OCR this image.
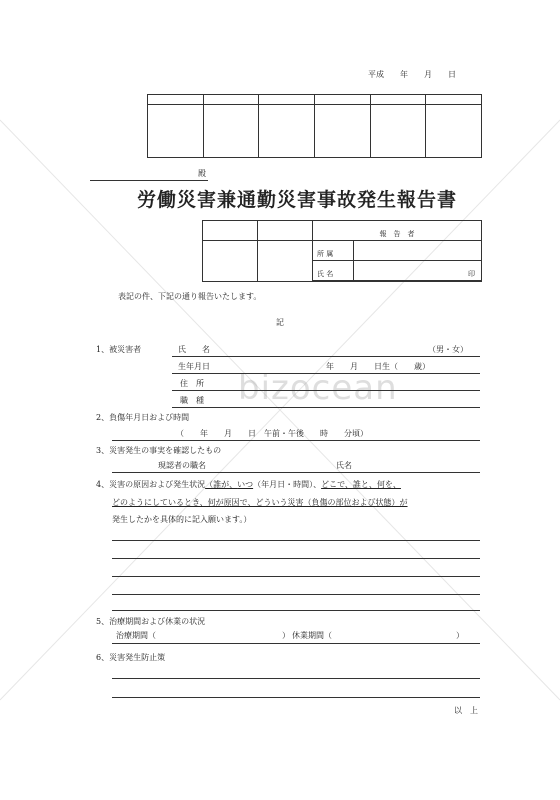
bizocean
平成　　年　　月　　日

殿
労働災害兼通勤災害事故発生報告書
		報　告　者	
		所 属	
		氏 名	印

表記の件、下記の通り報告いたします。
記
1、被災害者	氏　　名	（男・女）
生年月日	年　　月　　日生（　　歳）
住　所
職　種
2、負傷年月日および時間
（　　年　　月　　日　午前・午後　　時　　分頃）
3、災害発生の事実を確認したもの
現認者の職名	氏名
4、災害の原因および発生状況（誰が、いつ（年月日・時間）、どこで、誰と、何を、
どのようにしているとき、何が原因で、どういう災害（負傷の部位および状態）が
発生したかを具体的に記入願います。）
5、治療期間および休業の状況
治療期間（	） 休業期間（	）
6、災害発生防止策
以　上
